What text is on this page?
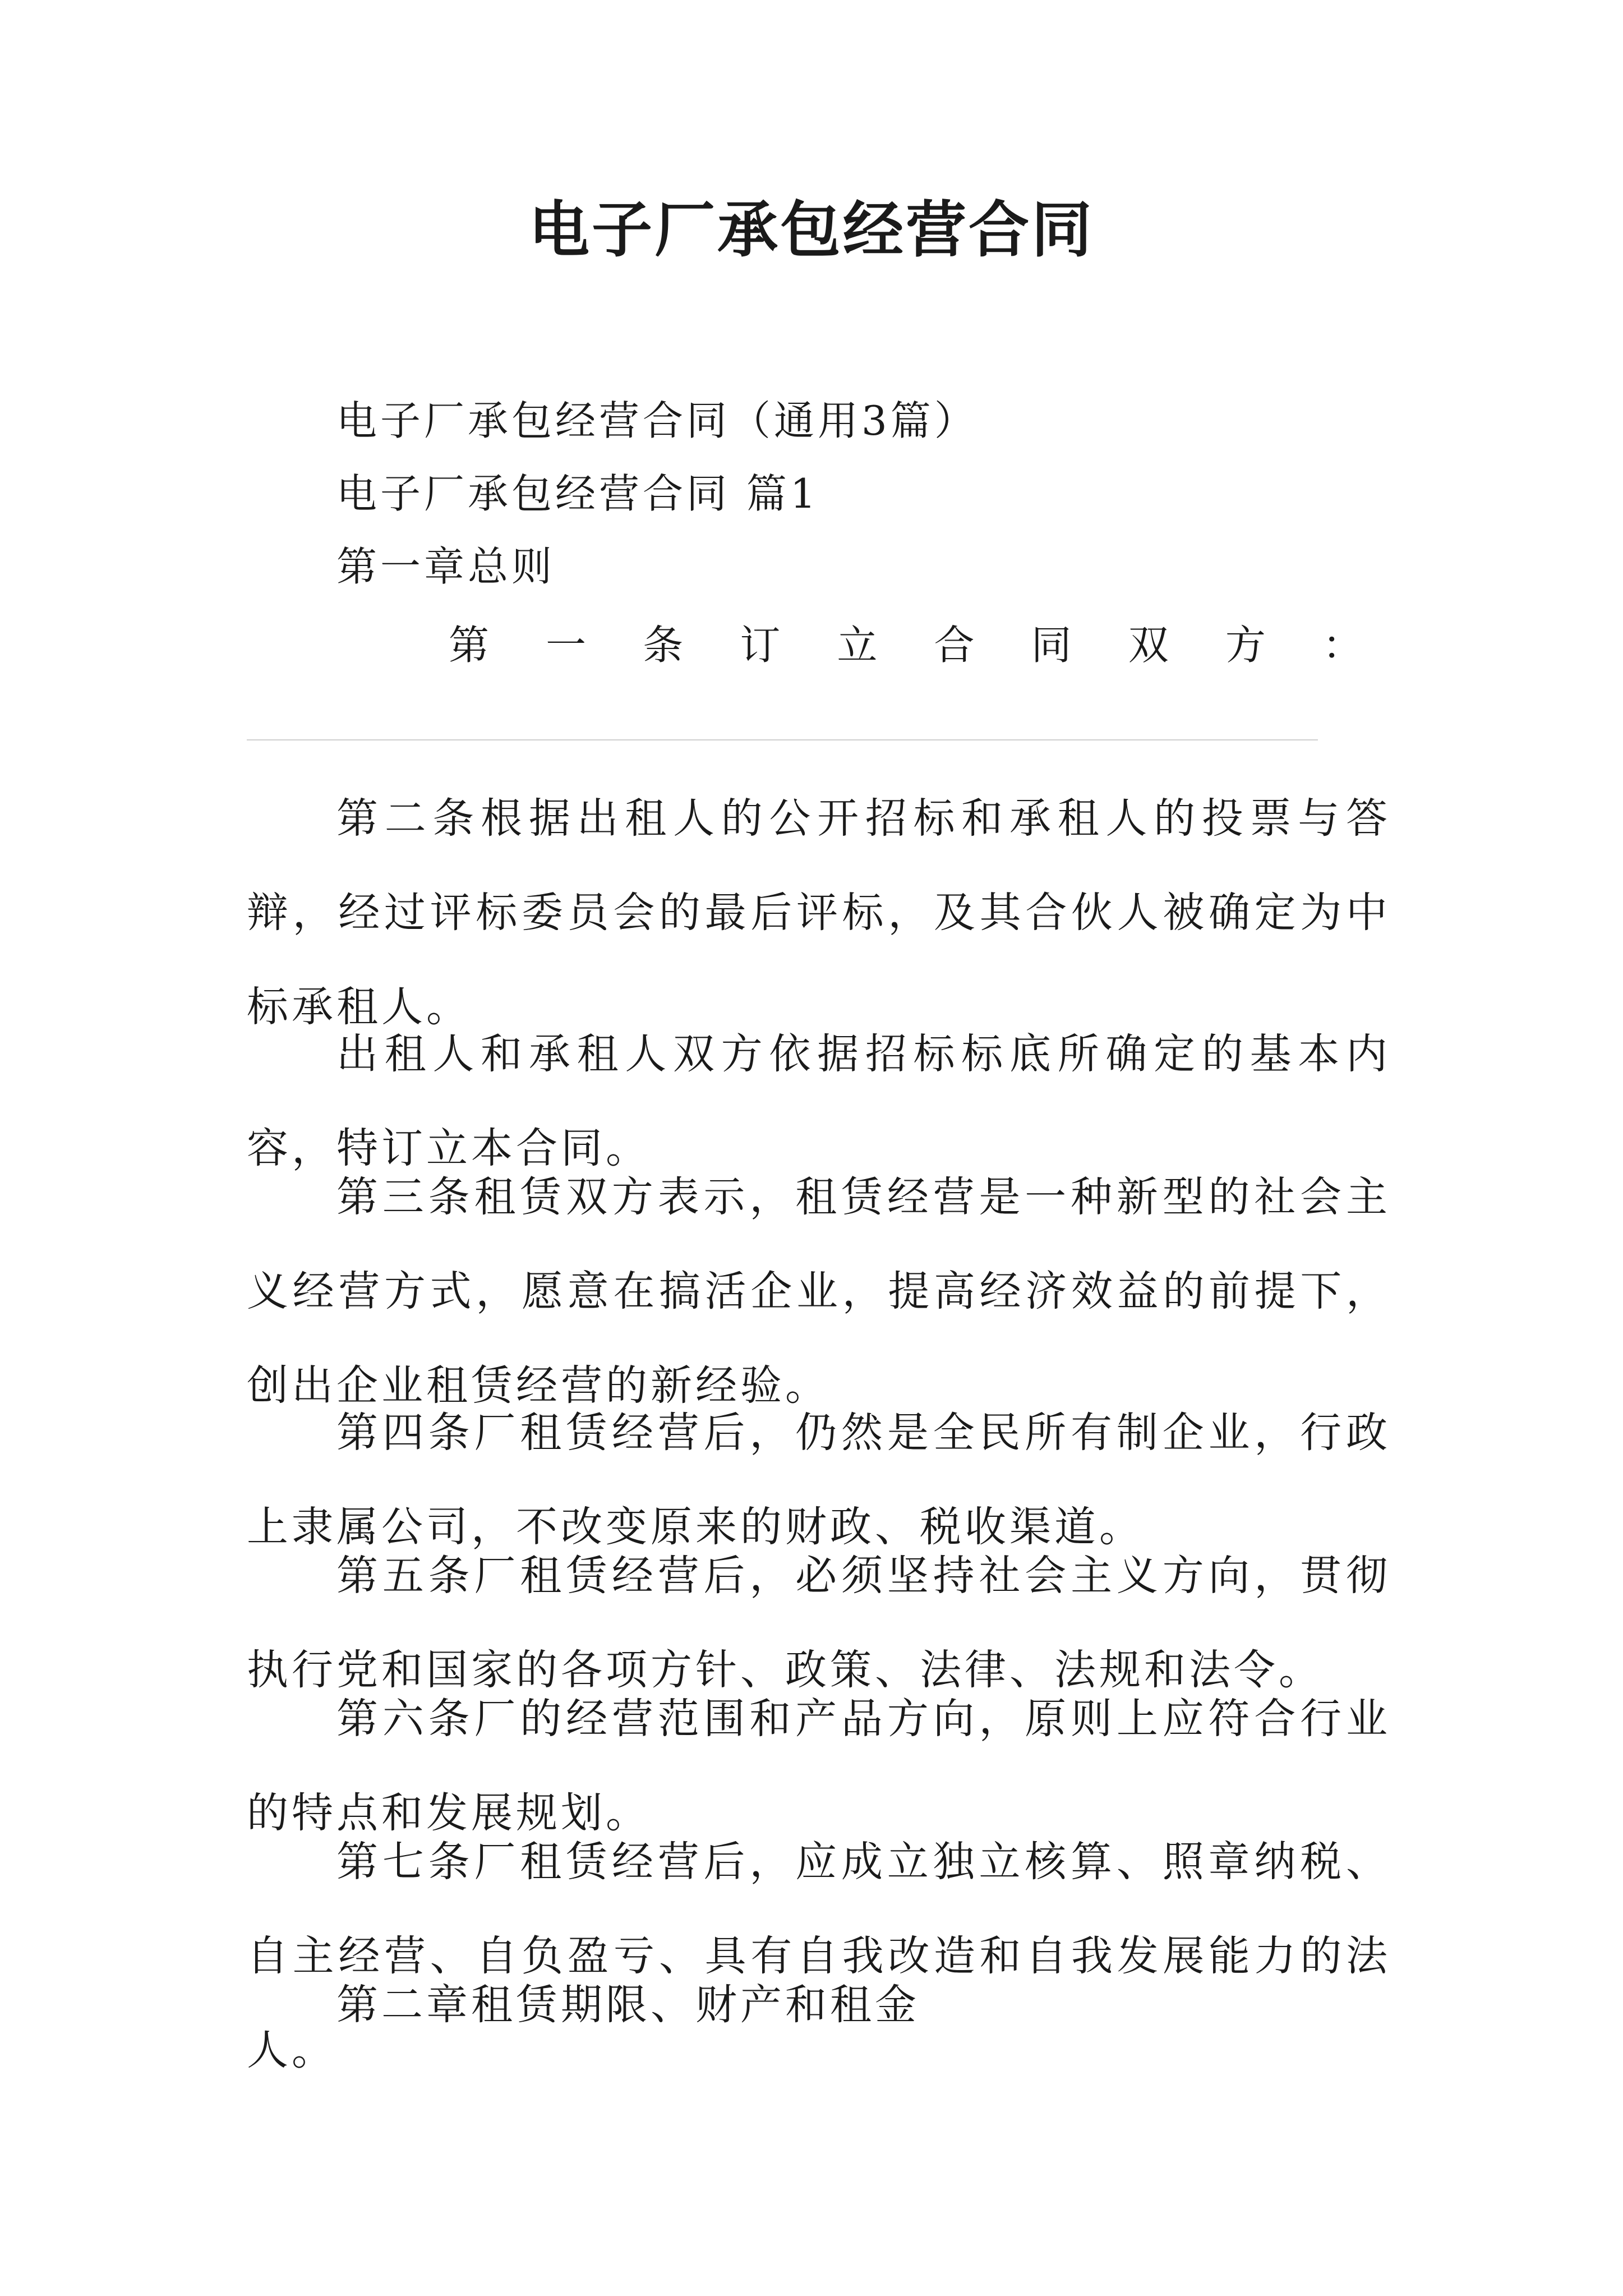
电子厂承包经营合同
电子厂承包经营合同（通用3篇）
电子厂承包经营合同 篇1
第一章总则
第 一 条 订 立 合 同 双 方 ：
第二条根据出租人的公开招标和承租人的投票与答辩，经过评标委员会的最后评标，及其合伙人被确定为中标承租人。
出租人和承租人双方依据招标标底所确定的基本内容，特订立本合同。
第三条租赁双方表示，租赁经营是一种新型的社会主义经营方式，愿意在搞活企业，提高经济效益的前提下，创出企业租赁经营的新经验。
第四条厂租赁经营后，仍然是全民所有制企业，行政上隶属公司，不改变原来的财政、税收渠道。
第五条厂租赁经营后，必须坚持社会主义方向，贯彻执行党和国家的各项方针、政策、法律、法规和法令。
第六条厂的经营范围和产品方向，原则上应符合行业的特点和发展规划。
第七条厂租赁经营后，应成立独立核算、照章纳税、自主经营、自负盈亏、具有自我改造和自我发展能力的法人。
第二章租赁期限、财产和租金
